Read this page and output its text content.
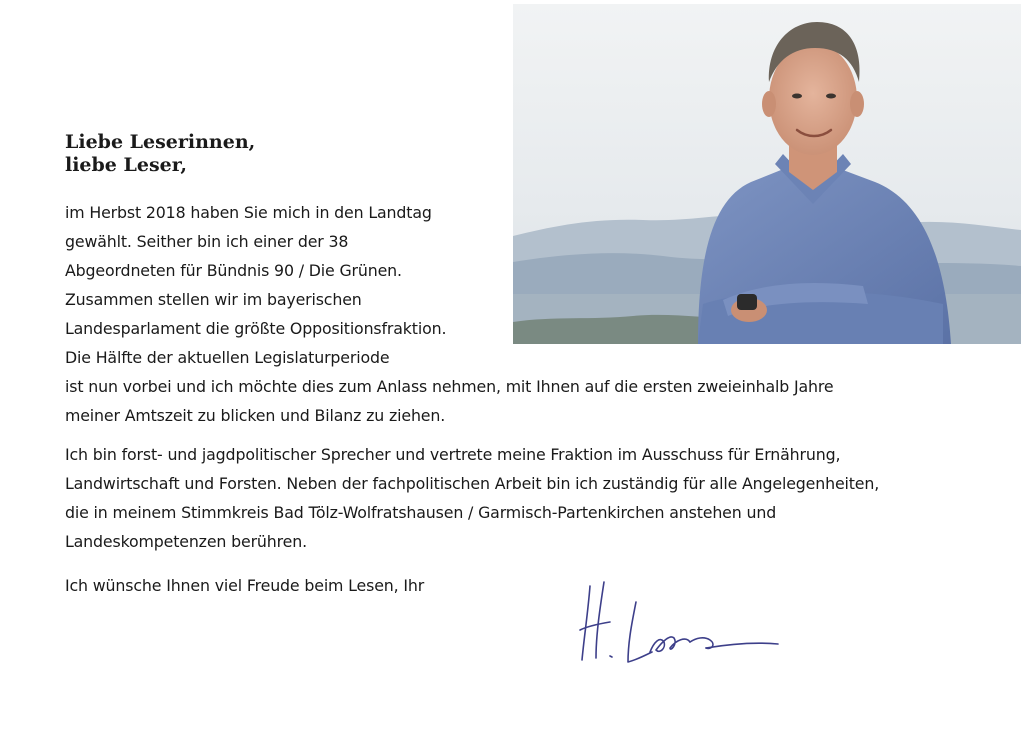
Liebe Leserinnen,
liebe Leser,

im Herbst 2018 haben Sie mich in den Landtag
gewählt. Seither bin ich einer der 38
Abgeordneten für Bündnis 90 / Die Grünen.
Zusammen stellen wir im bayerischen
Landesparlament die größte Oppositionsfraktion.
Die Hälfte der aktuellen Legislaturperiode
ist nun vorbei und ich möchte dies zum Anlass nehmen, mit Ihnen auf die ersten zweieinhalb Jahre
meiner Amtszeit zu blicken und Bilanz zu ziehen.

Ich bin forst- und jagdpolitischer Sprecher und vertrete meine Fraktion im Ausschuss für Ernährung,
Landwirtschaft und Forsten. Neben der fachpolitischen Arbeit bin ich zuständig für alle Angelegenheiten,
die in meinem Stimmkreis Bad Tölz-Wolfratshausen / Garmisch-Partenkirchen anstehen und
Landeskompetenzen berühren.

Ich wünsche Ihnen viel Freude beim Lesen, Ihr
